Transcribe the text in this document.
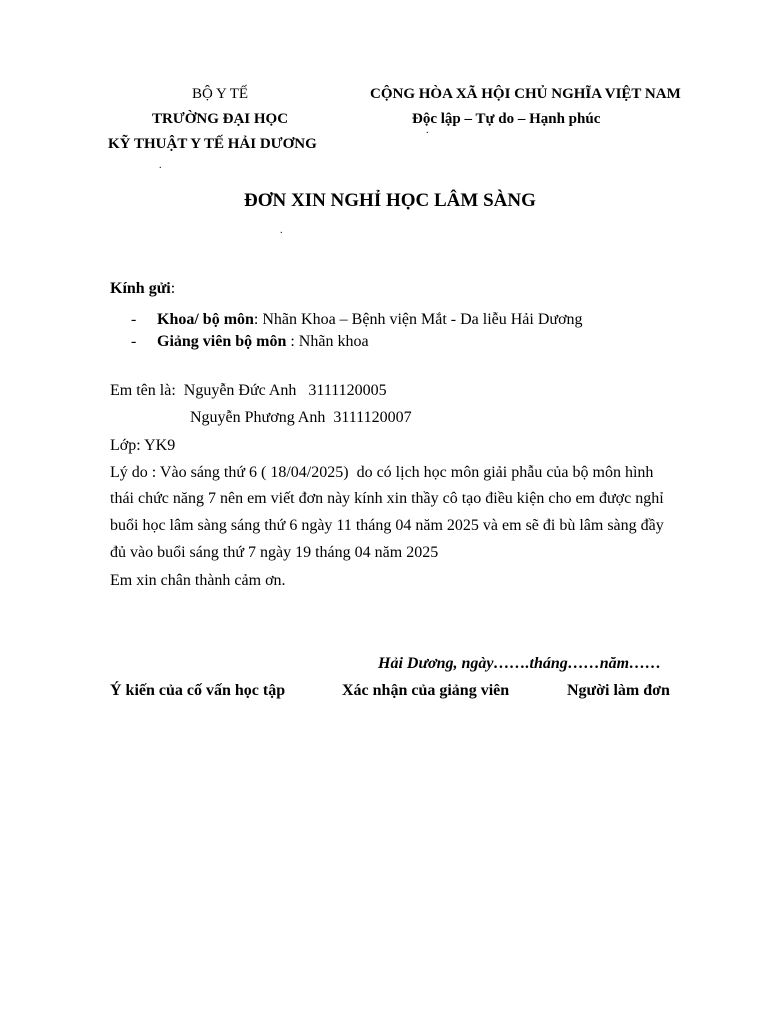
BỘ Y TẾ
TRƯỜNG ĐẠI HỌC
KỸ THUẬT Y TẾ HẢI DƯƠNG
.
CỘNG HÒA XÃ HỘI CHỦ NGHĨA VIỆT NAM
Độc lập – Tự do – Hạnh phúc
.
ĐƠN XIN NGHỈ HỌC LÂM SÀNG
.
Kính gửi:
- Khoa/ bộ môn: Nhãn Khoa – Bệnh viện Mắt - Da liễu Hải Dương
- Giảng viên bộ môn : Nhãn khoa
Em tên là:  Nguyễn Đức Anh   3111120005
Nguyễn Phương Anh  3111120007
Lớp: YK9
Lý do : Vào sáng thứ 6 ( 18/04/2025)  do có lịch học môn giải phẫu của bộ môn hình
thái chức năng 7 nên em viết đơn này kính xin thầy cô tạo điều kiện cho em được nghỉ
buổi học lâm sàng sáng thứ 6 ngày 11 tháng 04 năm 2025 và em sẽ đi bù lâm sàng đầy
đủ vào buổi sáng thứ 7 ngày 19 tháng 04 năm 2025
Em xin chân thành cảm ơn.
Hải Dương, ngày…….tháng……năm……
Ý kiến của cố vấn học tập	Xác nhận của giảng viên	Người làm đơn
